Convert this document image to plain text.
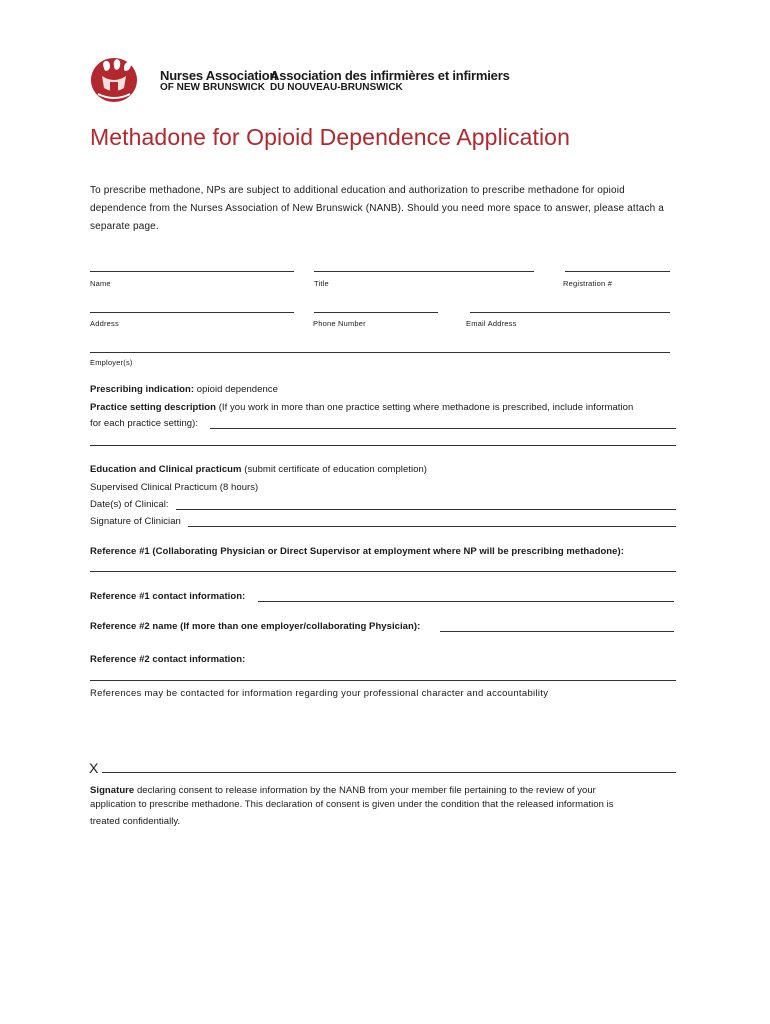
Nurses Association
OF NEW BRUNSWICK
Association des infirmières et infirmiers
DU NOUVEAU-BRUNSWICK
Methadone for Opioid Dependence Application
To prescribe methadone, NPs are subject to additional education and authorization to prescribe methadone for opioid dependence from the Nurses Association of New Brunswick (NANB). Should you need more space to answer, please attach a separate page.
Name	Title	Registration #
Address	Phone Number	Email Address
Employer(s)
Prescribing indication: opioid dependence
Practice setting description (If you work in more than one practice setting where methadone is prescribed, include information
for each practice setting):
Education and Clinical practicum (submit certificate of education completion)
Supervised Clinical Practicum (8 hours)
Date(s) of Clinical:
Signature of Clinician
Reference #1 (Collaborating Physician or Direct Supervisor at employment where NP will be prescribing methadone):
Reference #1 contact information:
Reference #2 name (If more than one employer/collaborating Physician):
Reference #2 contact information:
References may be contacted for information regarding your professional character and accountability
X
Signature declaring consent to release information by the NANB from your member file pertaining to the review of your
application to prescribe methadone. This declaration of consent is given under the condition that the released information is
treated confidentially.
